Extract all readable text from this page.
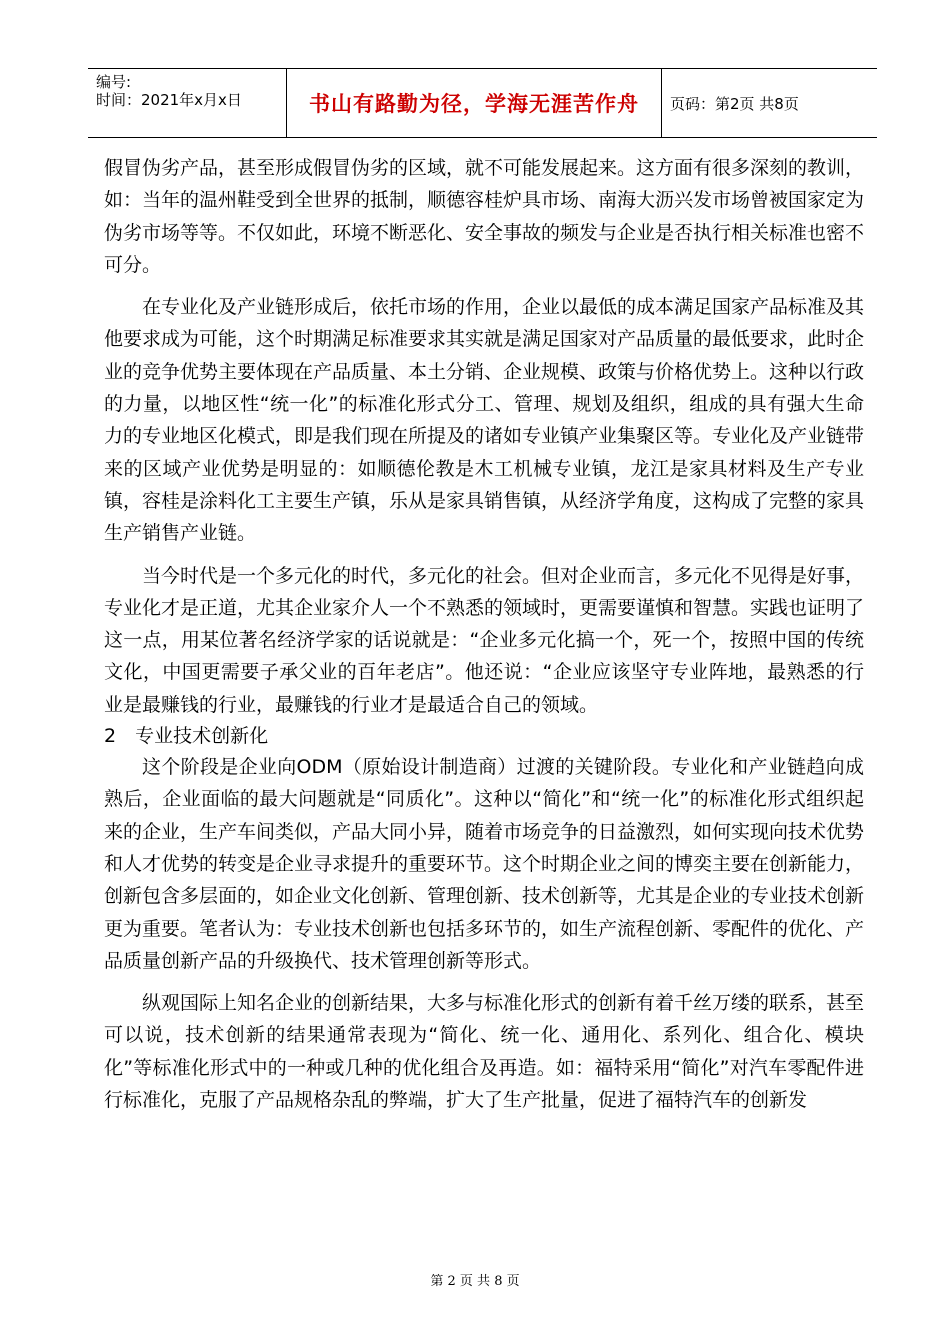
编号:
时间：2021年x月x日	书山有路勤为径，学海无涯苦作舟 页码：第2页 共8页

假冒伪劣产品，甚至形成假冒伪劣的区域，就不可能发展起来。这方面有很多深刻的教训，如：当年的温州鞋受到全世界的抵制，顺德容桂炉具市场、南海大沥兴发市场曾被国家定为伪劣市场等等。不仅如此，环境不断恶化、安全事故的频发与企业是否执行相关标准也密不可分。

在专业化及产业链形成后，依托市场的作用，企业以最低的成本满足国家产品标准及其他要求成为可能，这个时期满足标准要求其实就是满足国家对产品质量的最低要求，此时企业的竞争优势主要体现在产品质量、本土分销、企业规模、政策与价格优势上。这种以行政的力量，以地区性“统一化”的标准化形式分工、管理、规划及组织，组成的具有强大生命力的专业地区化模式，即是我们现在所提及的诸如专业镇产业集聚区等。专业化及产业链带来的区域产业优势是明显的：如顺德伦教是木工机械专业镇，龙江是家具材料及生产专业镇，容桂是涂料化工主要生产镇，乐从是家具销售镇，从经济学角度，这构成了完整的家具生产销售产业链。

当今时代是一个多元化的时代，多元化的社会。但对企业而言，多元化不见得是好事，专业化才是正道，尤其企业家介人一个不熟悉的领域时，更需要谨慎和智慧。实践也证明了这一点，用某位著名经济学家的话说就是：“企业多元化搞一个，死一个，按照中国的传统文化，中国更需要子承父业的百年老店”。他还说：“企业应该坚守专业阵地，最熟悉的行业是最赚钱的行业，最赚钱的行业才是最适合自己的领域。

2　专业技术创新化

这个阶段是企业向ODM（原始设计制造商）过渡的关键阶段。专业化和产业链趋向成熟后，企业面临的最大问题就是“同质化”。这种以“简化”和“统一化”的标准化形式组织起来的企业，生产车间类似，产品大同小异，随着市场竞争的日益激烈，如何实现向技术优势和人才优势的转变是企业寻求提升的重要环节。这个时期企业之间的博奕主要在创新能力，创新包含多层面的，如企业文化创新、管理创新、技术创新等，尤其是企业的专业技术创新更为重要。笔者认为：专业技术创新也包括多环节的，如生产流程创新、零配件的优化、产品质量创新产品的升级换代、技术管理创新等形式。

纵观国际上知名企业的创新结果，大多与标准化形式的创新有着千丝万缕的联系，甚至可以说，技术创新的结果通常表现为“简化、统一化、通用化、系列化、组合化、模块化”等标准化形式中的一种或几种的优化组合及再造。如：福特采用“简化”对汽车零配件进行标准化，克服了产品规格杂乱的弊端，扩大了生产批量，促进了福特汽车的创新发

第 2 页 共 8 页
